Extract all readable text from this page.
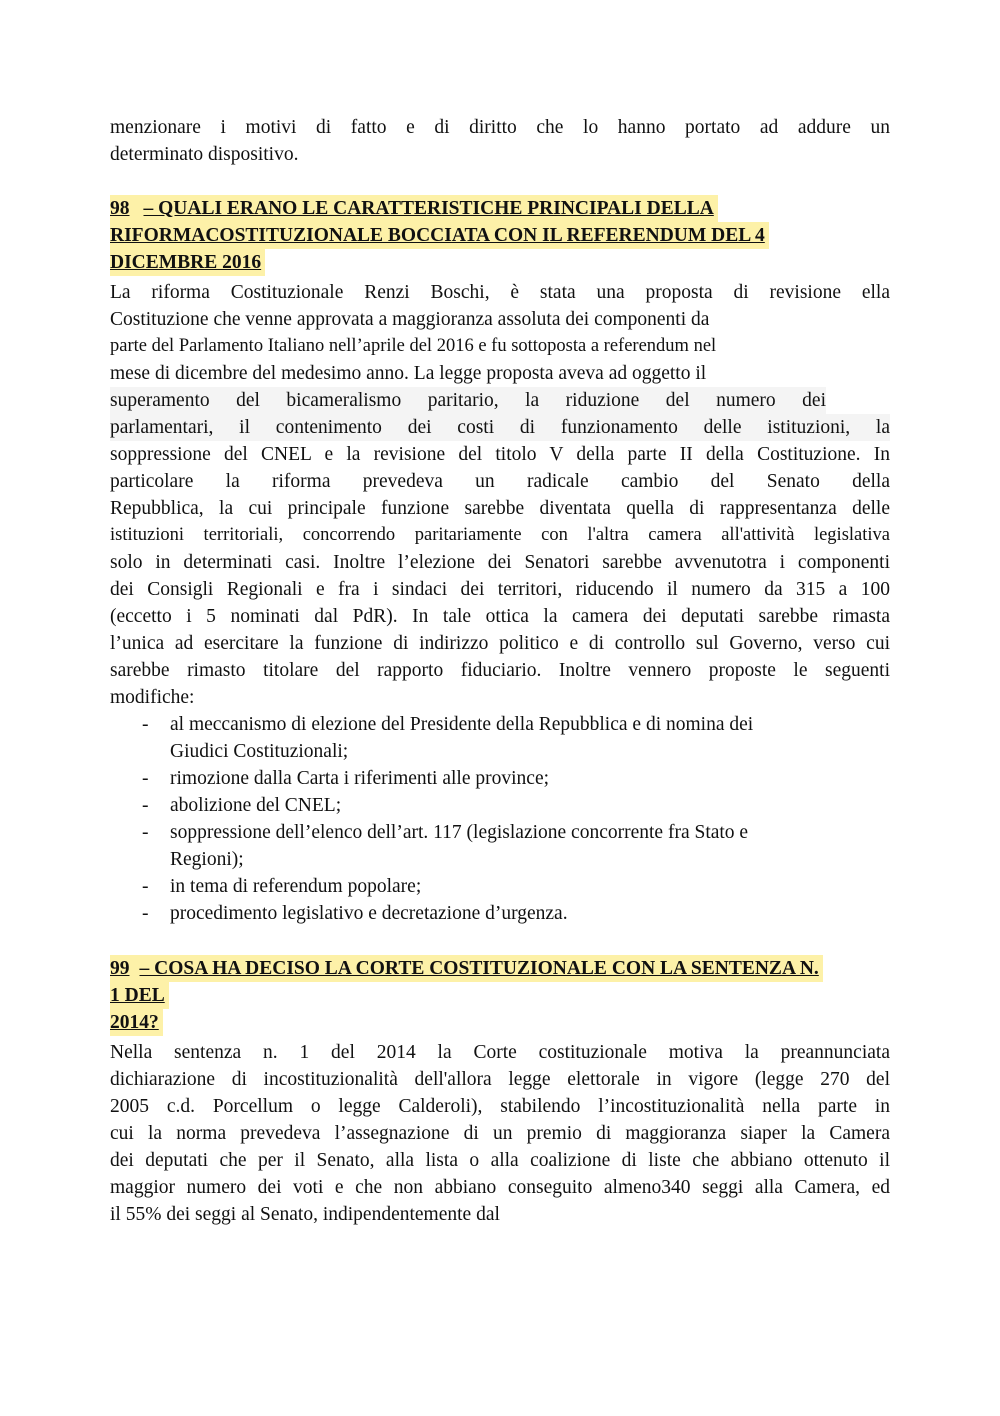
menzionare i motivi di fatto e di diritto che lo hanno portato ad addure un
determinato dispositivo.
98 – QUALI ERANO LE CARATTERISTICHE PRINCIPALI DELLA
RIFORMACOSTITUZIONALE BOCCIATA CON IL REFERENDUM DEL 4
DICEMBRE 2016
La riforma Costituzionale Renzi Boschi, è stata una proposta di revisione ella
Costituzione che venne approvata a maggioranza assoluta dei componenti da
parte del Parlamento Italiano nell’aprile del 2016 e fu sottoposta a referendum nel
mese di dicembre del medesimo anno. La legge proposta aveva ad oggetto il
superamento del bicameralismo paritario, la riduzione del numero dei
parlamentari, il contenimento dei costi di funzionamento delle istituzioni, la
soppressione del CNEL e la revisione del titolo V della parte II della Costituzione. In
particolare la riforma prevedeva un radicale cambio del Senato della
Repubblica, la cui principale funzione sarebbe diventata quella di rappresentanza delle
istituzioni territoriali, concorrendo paritariamente con l'altra camera all'attività legislativa
solo in determinati casi. Inoltre l’elezione dei Senatori sarebbe avvenutotra i componenti
dei Consigli Regionali e fra i sindaci dei territori, riducendo il numero da 315 a 100
(eccetto i 5 nominati dal PdR). In tale ottica la camera dei deputati sarebbe rimasta
l’unica ad esercitare la funzione di indirizzo politico e di controllo sul Governo, verso cui
sarebbe rimasto titolare del rapporto fiduciario. Inoltre vennero proposte le seguenti
modifiche:
- al meccanismo di elezione del Presidente della Repubblica e di nomina dei
Giudici Costituzionali;
- rimozione dalla Carta i riferimenti alle province;
- abolizione del CNEL;
- soppressione dell’elenco dell’art. 117 (legislazione concorrente fra Stato e
Regioni);
- in tema di referendum popolare;
- procedimento legislativo e decretazione d’urgenza.
99 – COSA HA DECISO LA CORTE COSTITUZIONALE CON LA SENTENZA N.
1 DEL
2014?
Nella sentenza n. 1 del 2014 la Corte costituzionale motiva la preannunciata
dichiarazione di incostituzionalità dell'allora legge elettorale in vigore (legge 270 del
2005 c.d. Porcellum o legge Calderoli), stabilendo l’incostituzionalità nella parte in
cui la norma prevedeva l’assegnazione di un premio di maggioranza siaper la Camera
dei deputati che per il Senato, alla lista o alla coalizione di liste che abbiano ottenuto il
maggior numero dei voti e che non abbiano conseguito almeno340 seggi alla Camera, ed
il 55% dei seggi al Senato, indipendentemente dal
